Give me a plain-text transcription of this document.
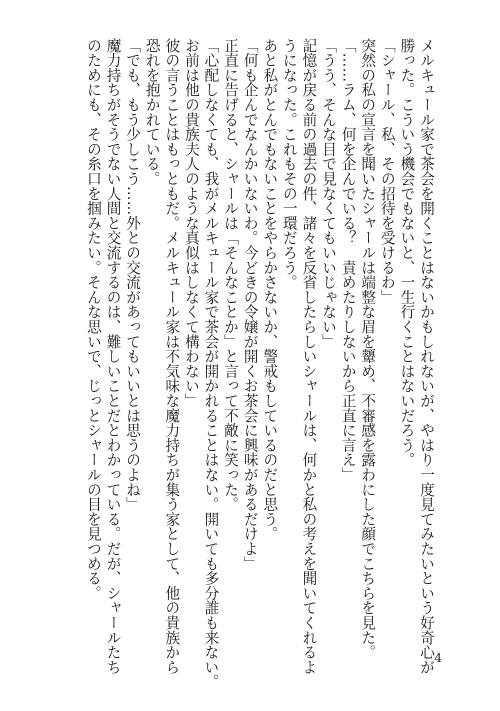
メルキュール家で茶会を開くことはないかもしれないが、やはり一度見てみたいという好奇心が
勝った。こういう機会でもないと、一生行くことはないだろう。
「シャール、私、その招待を受けるわ」
突然の私の宣言を聞いたシャールは端整な眉を顰め、不審感を露わにした顔でこちらを見た。
「……ラム、何を企んでいる？　責めたりしないから正直に言え」
「うう、そんな目で見なくてもいいじゃない」
記憶が戻る前の過去の件、諸々を反省したらしいシャールは、何かと私の考えを聞いてくれるよ
うになった。これもその一環だろう。
あと私がとんでもないことをやらかさないか、警戒もしているのだと思う。
「何も企んでなんかいないわ。今どきの令嬢が開くお茶会に興味があるだけよ」
正直に告げると、シャールは「そんなことか」と言って不敵に笑った。
「心配しなくても、我がメルキュール家で茶会が開かれることはない。開いても多分誰も来ない。
お前は他の貴族夫人のような真似はしなくて構わない」
彼の言うことはもっともだ。メルキュール家は不気味な魔力持ちが集う家として、他の貴族から
恐れを抱かれている。
「でも、もう少しこう……外との交流があってもいいとは思うのよね」
魔力持ちがそうでない人間と交流するのは、難しいことだとわかっている。だが、シャールたち
のためにも、その糸口を掴みたい。そんな思いで、じっとシャールの目を見つめる。
4
